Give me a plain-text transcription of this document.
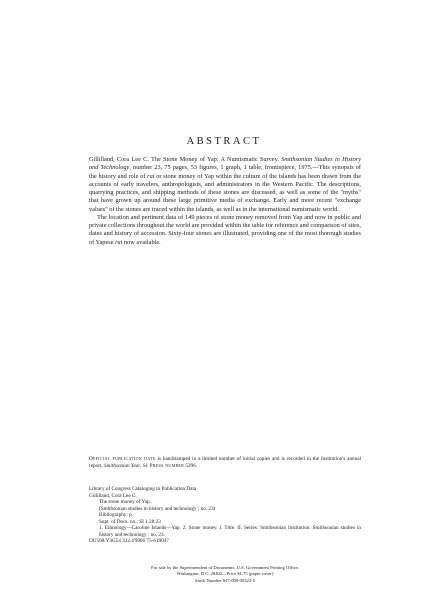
ABSTRACT

Gillilland, Cora Lee C. The Stone Money of Yap: A Numismatic Survey. Smithsonian Studies in History and Technology, number 23, 75 pages, 53 figures, 1 graph, 1 table, frontispiece, 1975.—This synopsis of the history and role of rai or stone money of Yap within the culture of the islands has been drawn from the accounts of early travelers, anthropologists, and administrators in the Western Pacific. The descriptions, quarrying practices, and shipping methods of these stones are discussed, as well as some of the "myths" that have grown up around these large primitive media of exchange. Early and more recent "exchange values" of the stones are traced within the islands, as well as in the international numismatic world.

The location and pertinent data of 149 pieces of stone money removed from Yap and now in public and private collections throughout the world are provided within the table for reference and comparison of sites, dates and history of accession. Sixty-four stones are illustrated, providing one of the most thorough studies of Yapese rai now available.

Official publication date is handstamped in a limited number of initial copies and is recorded in the Institution's annual report, Smithsonian Year. SI Press number 5296.
Library of Congress Cataloging in Publication Data
Gillilland, Cora Lee C.
The stone money of Yap.
(Smithsonian studies in history and technology ; no. 23)
Bibliography: p.
Supt. of Docs. no.: SI 1.28:23
1. Ethnology—Caroline Islands—Yap. 2. Stone money. I. Title. II. Series: Smithsonian Institution. Smithsonian studies in history and technology ; no. 23.
DU568.Y3G54 332.4'9966 75-619047
For sale by the Superintendent of Documents, U.S. Government Printing Office,
Washington, D.C. 20402—Price $1.75 (paper cover)
Stock Number 047-000-00322-5
